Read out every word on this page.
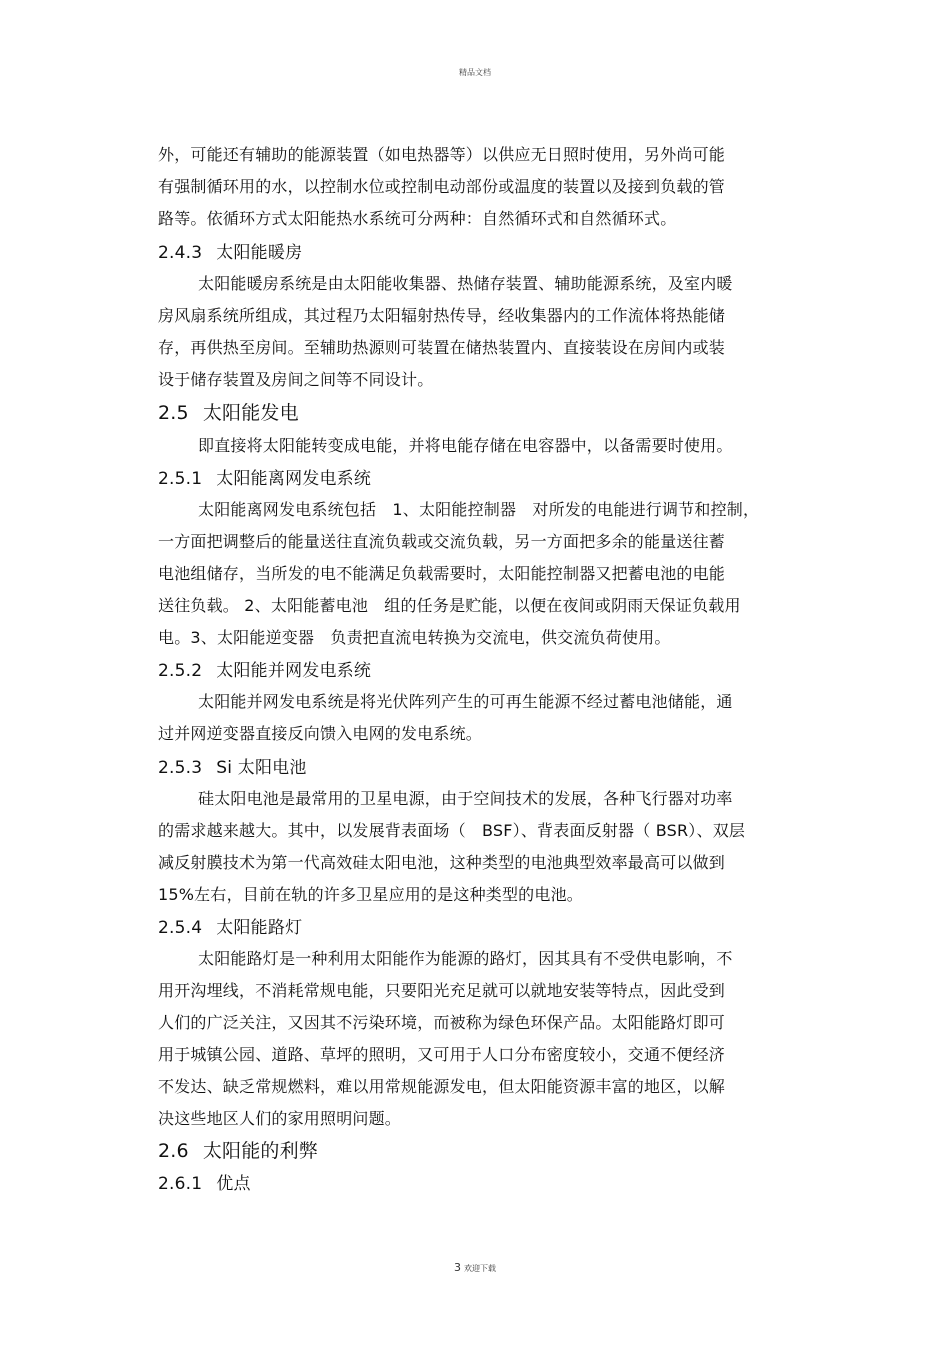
精品文档
外，可能还有辅助的能源装置（如电热器等）以供应无日照时使用，另外尚可能
有强制循环用的水，以控制水位或控制电动部份或温度的装置以及接到负载的管
路等。依循环方式太阳能热水系统可分两种：自然循环式和自然循环式。
2.4.3 太阳能暖房
太阳能暖房系统是由太阳能收集器、热储存装置、辅助能源系统，及室内暖
房风扇系统所组成，其过程乃太阳辐射热传导，经收集器内的工作流体将热能储
存，再供热至房间。至辅助热源则可装置在储热装置内、直接装设在房间内或装
设于储存装置及房间之间等不同设计。
2.5 太阳能发电
即直接将太阳能转变成电能，并将电能存储在电容器中，以备需要时使用。
2.5.1 太阳能离网发电系统
太阳能离网发电系统包括　1、太阳能控制器　对所发的电能进行调节和控制，
一方面把调整后的能量送往直流负载或交流负载，另一方面把多余的能量送往蓄
电池组储存，当所发的电不能满足负载需要时，太阳能控制器又把蓄电池的电能
送往负载。 2、太阳能蓄电池　组的任务是贮能，以便在夜间或阴雨天保证负载用
电。3、太阳能逆变器　负责把直流电转换为交流电，供交流负荷使用。
2.5.2 太阳能并网发电系统
太阳能并网发电系统是将光伏阵列产生的可再生能源不经过蓄电池储能，通
过并网逆变器直接反向馈入电网的发电系统。
2.5.3 Si 太阳电池
硅太阳电池是最常用的卫星电源，由于空间技术的发展，各种飞行器对功率
的需求越来越大。其中，以发展背表面场（　BSF）、背表面反射器（ BSR）、双层
减反射膜技术为第一代高效硅太阳电池，这种类型的电池典型效率最高可以做到
15%左右，目前在轨的许多卫星应用的是这种类型的电池。
2.5.4 太阳能路灯
太阳能路灯是一种利用太阳能作为能源的路灯，因其具有不受供电影响，不
用开沟埋线，不消耗常规电能，只要阳光充足就可以就地安装等特点，因此受到
人们的广泛关注，又因其不污染环境，而被称为绿色环保产品。太阳能路灯即可
用于城镇公园、道路、草坪的照明，又可用于人口分布密度较小，交通不便经济
不发达、缺乏常规燃料，难以用常规能源发电，但太阳能资源丰富的地区，以解
决这些地区人们的家用照明问题。
2.6 太阳能的利弊
2.6.1 优点
3 欢迎下载
